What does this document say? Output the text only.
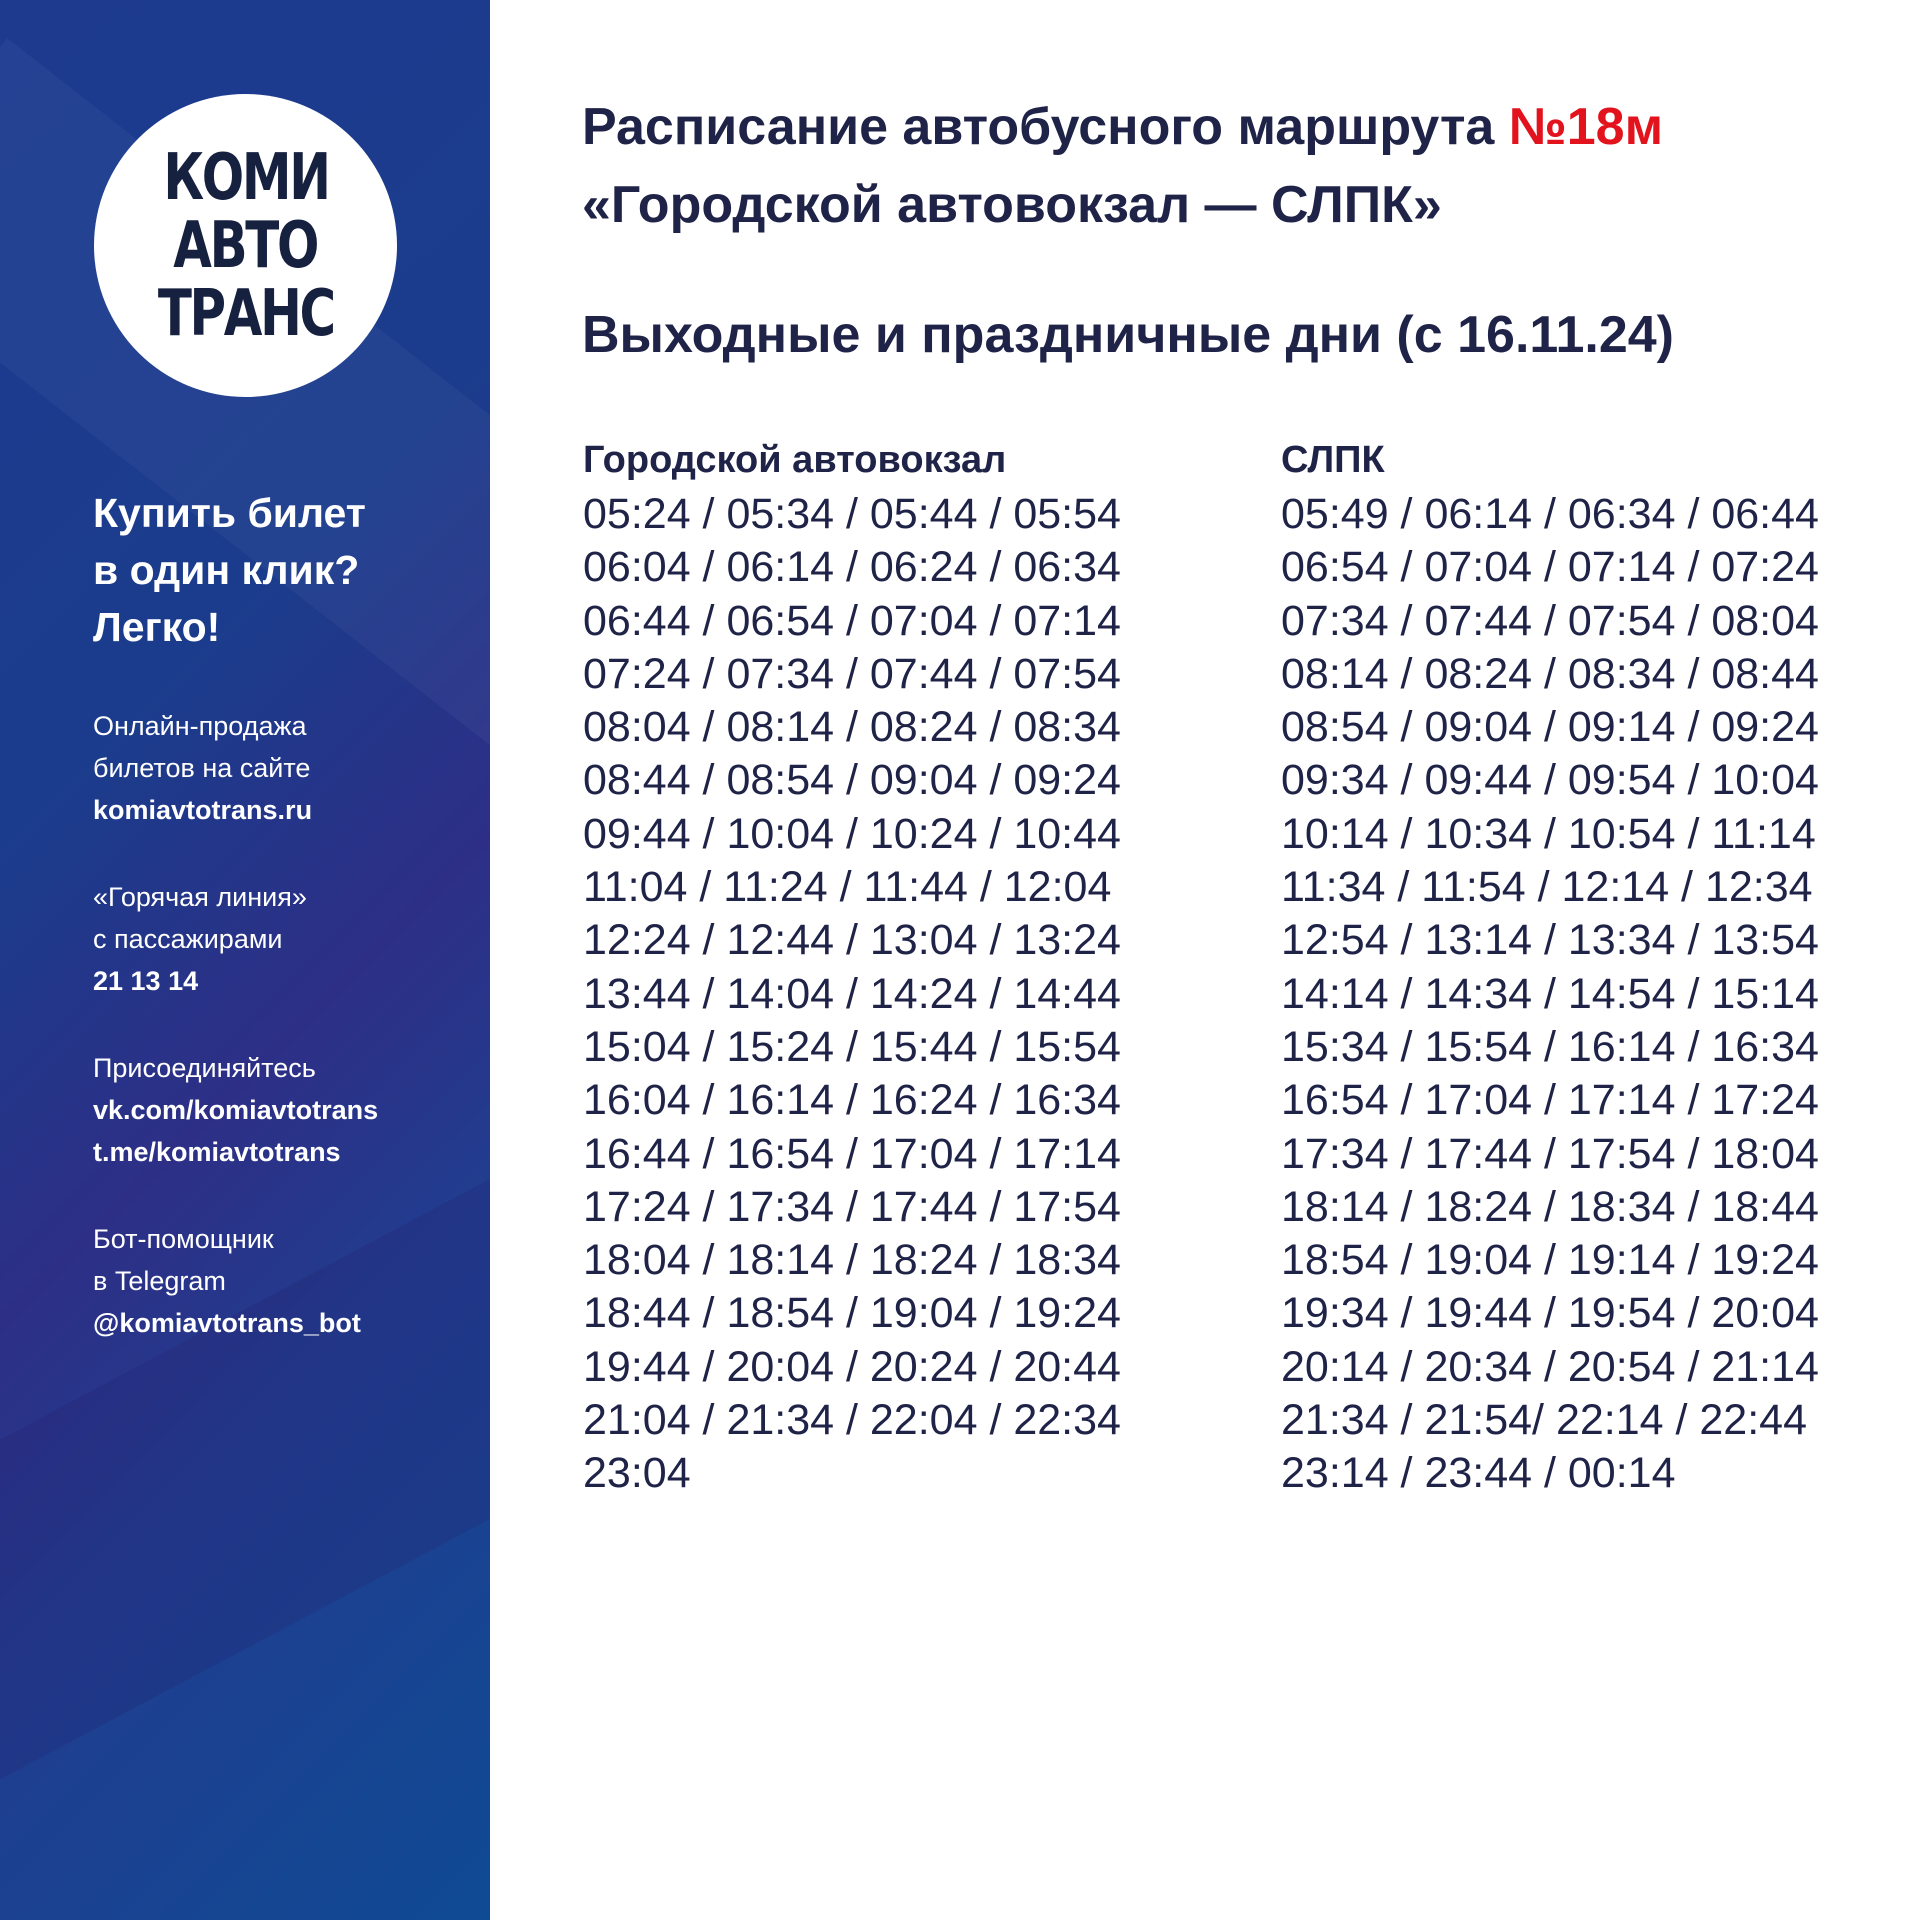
КОМИ
АВТО
ТРАНС
Купить билет
в один клик?
Легко!
Онлайн-продажа
билетов на сайте
komiavtotrans.ru
«Горячая линия»
с пассажирами
21 13 14
Присоединяйтесь
vk.com/komiavtotrans
t.me/komiavtotrans
Бот-помощник
в Telegram
@komiavtotrans_bot
Расписание автобусного маршрута №18м
«Городской автовокзал — СЛПК»
Выходные и праздничные дни (с 16.11.24)
Городской автовокзал
05:24 / 05:34 / 05:44 / 05:54
06:04 / 06:14 / 06:24 / 06:34
06:44 / 06:54 / 07:04 / 07:14
07:24 / 07:34 / 07:44 / 07:54
08:04 / 08:14 / 08:24 / 08:34
08:44 / 08:54 / 09:04 / 09:24
09:44 / 10:04 / 10:24 / 10:44
11:04 / 11:24 / 11:44 / 12:04
12:24 / 12:44 / 13:04 / 13:24
13:44 / 14:04 / 14:24 / 14:44
15:04 / 15:24 / 15:44 / 15:54
16:04 / 16:14 / 16:24 / 16:34
16:44 / 16:54 / 17:04 / 17:14
17:24 / 17:34 / 17:44 / 17:54
18:04 / 18:14 / 18:24 / 18:34
18:44 / 18:54 / 19:04 / 19:24
19:44 / 20:04 / 20:24 / 20:44
21:04 / 21:34 / 22:04 / 22:34
23:04
СЛПК
05:49 / 06:14 / 06:34 / 06:44
06:54 / 07:04 / 07:14 / 07:24
07:34 / 07:44 / 07:54 / 08:04
08:14 / 08:24 / 08:34 / 08:44
08:54 / 09:04 / 09:14 / 09:24
09:34 / 09:44 / 09:54 / 10:04
10:14 / 10:34 / 10:54 / 11:14
11:34 / 11:54 / 12:14 / 12:34
12:54 / 13:14 / 13:34 / 13:54
14:14 / 14:34 / 14:54 / 15:14
15:34 / 15:54 / 16:14 / 16:34
16:54 / 17:04 / 17:14 / 17:24
17:34 / 17:44 / 17:54 / 18:04
18:14 / 18:24 / 18:34 / 18:44
18:54 / 19:04 / 19:14 / 19:24
19:34 / 19:44 / 19:54 / 20:04
20:14 / 20:34 / 20:54 / 21:14
21:34 / 21:54/ 22:14 / 22:44
23:14 / 23:44 / 00:14
